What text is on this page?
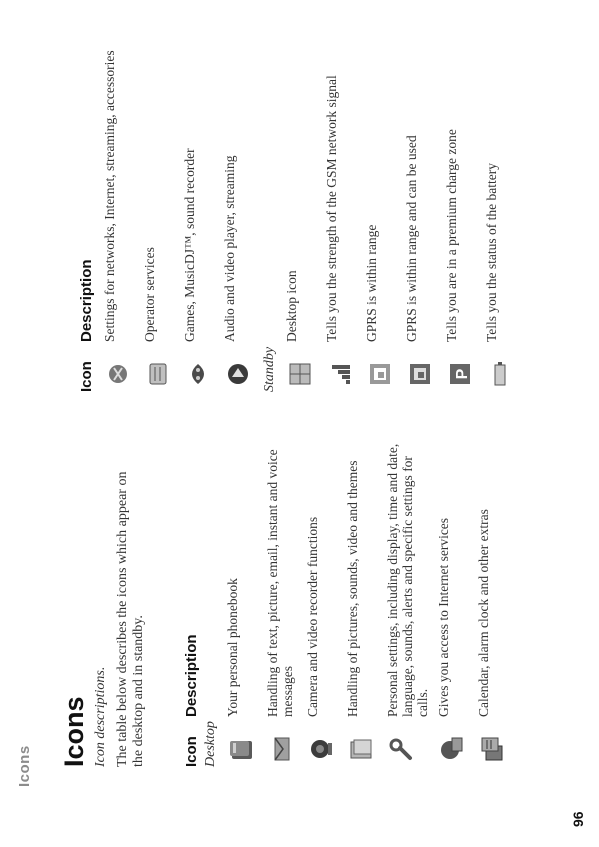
Icons
96
Icons Icon descriptions. The table below describes the icons which appear on the desktop and in standby. IconDescription
Desktop
Your personal phonebook Handling of text, picture, email, instant and voice messages Camera and video recorder functions Handling of pictures, sounds, video and themes Personal settings, including display, time and date, language, sounds, alerts and specific settings for calls. Gives you access to Internet services Calendar, alarm clock and other extras
IconDescription Settings for networks, Internet, streaming, accessories Operator services Games, MusicDJ™, sound recorder Audio and video player, streaming
Standby
Desktop icon Tells you the strength of the GSM network signal GPRS is within range GPRS is within range and can be used
P
Tells you are in a premium charge zone Tells you the status of the battery
